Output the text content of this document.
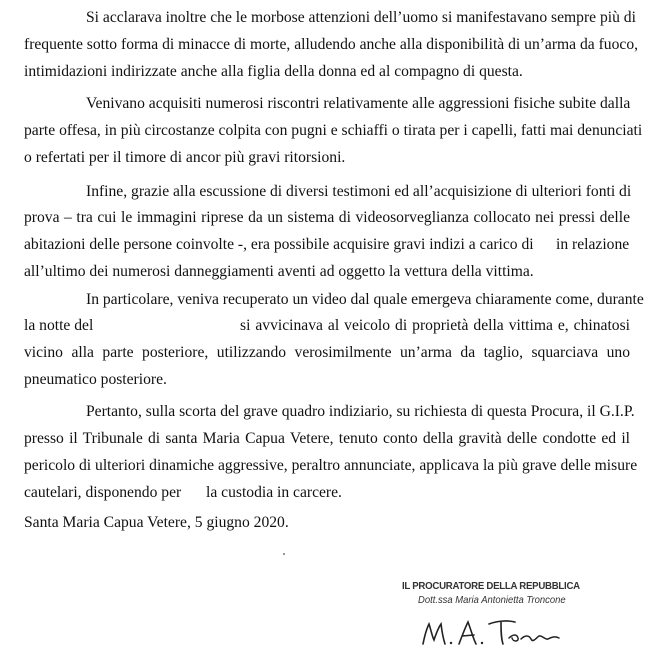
Si acclarava inoltre che le morbose attenzioni dell’uomo si manifestavano sempre più di
frequente sotto forma di minacce di morte, alludendo anche alla disponibilità di un’arma da fuoco,
intimidazioni indirizzate anche alla figlia della donna ed al compagno di questa.
Venivano acquisiti numerosi riscontri relativamente alle aggressioni fisiche subite dalla
parte offesa, in più circostanze colpita con pugni e schiaffi o tirata per i capelli, fatti mai denunciati
o refertati per il timore di ancor più gravi ritorsioni.
Infine, grazie alla escussione di diversi testimoni ed all’acquisizione di ulteriori fonti di
prova – tra cui le immagini riprese da un sistema di videosorveglianza collocato nei pressi delle
abitazioni delle persone coinvolte -, era possibile acquisire gravi indizi a carico di	in relazione
all’ultimo dei numerosi danneggiamenti aventi ad oggetto la vettura della vittima.
In particolare, veniva recuperato un video dal quale emergeva chiaramente come, durante
la notte del	si avvicinava al veicolo di proprietà della vittima e, chinatosi
vicino alla parte posteriore, utilizzando verosimilmente un’arma da taglio, squarciava uno
pneumatico posteriore.
Pertanto, sulla scorta del grave quadro indiziario, su richiesta di questa Procura, il G.I.P.
presso il Tribunale di santa Maria Capua Vetere, tenuto conto della gravità delle condotte ed il
pericolo di ulteriori dinamiche aggressive, peraltro annunciate, applicava la più grave delle misure
cautelari, disponendo per la custodia in carcere.
Santa Maria Capua Vetere, 5 giugno 2020.
IL PROCURATORE DELLA REPUBBLICA
Dott.ssa Maria Antonietta Troncone
